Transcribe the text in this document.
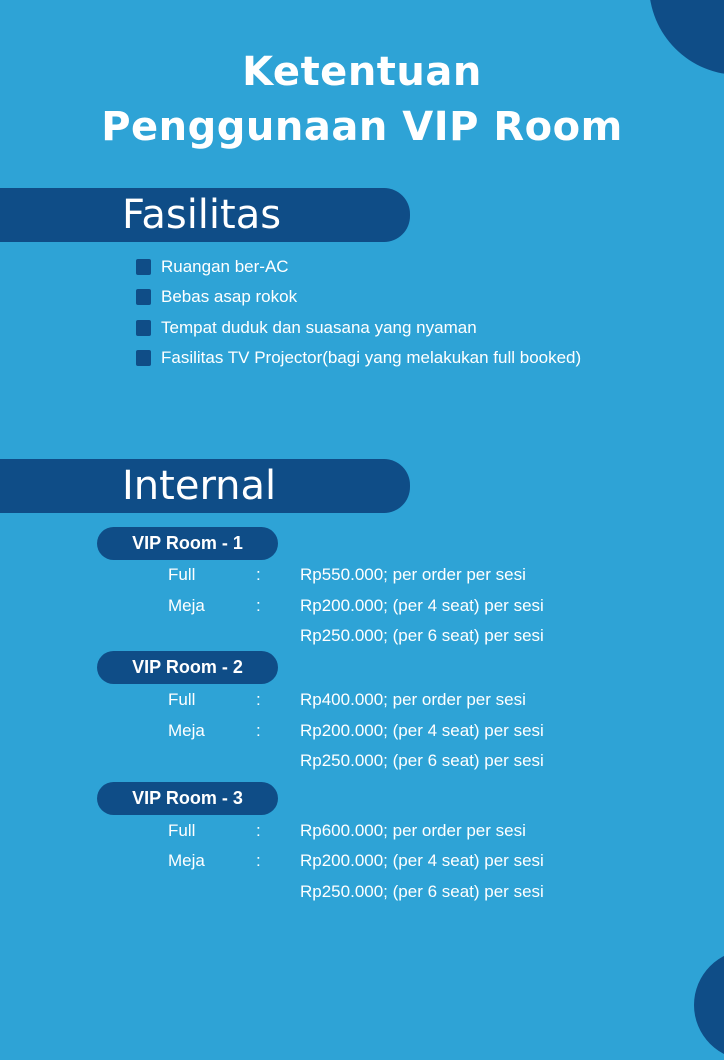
Ketentuan
Penggunaan VIP Room
Fasilitas
Ruangan ber-AC
Bebas asap rokok
Tempat duduk dan suasana yang nyaman
Fasilitas TV Projector(bagi yang melakukan full booked)
Internal
VIP Room - 1
Full	: Rp550.000; per order per sesi
Meja	: Rp200.000; (per 4 seat) per sesi
Rp250.000; (per 6 seat) per sesi
VIP Room - 2
Full	: Rp400.000; per order per sesi
Meja	: Rp200.000; (per 4 seat) per sesi
Rp250.000; (per 6 seat) per sesi
VIP Room - 3
Full	: Rp600.000; per order per sesi
Meja	: Rp200.000; (per 4 seat) per sesi
Rp250.000; (per 6 seat) per sesi
